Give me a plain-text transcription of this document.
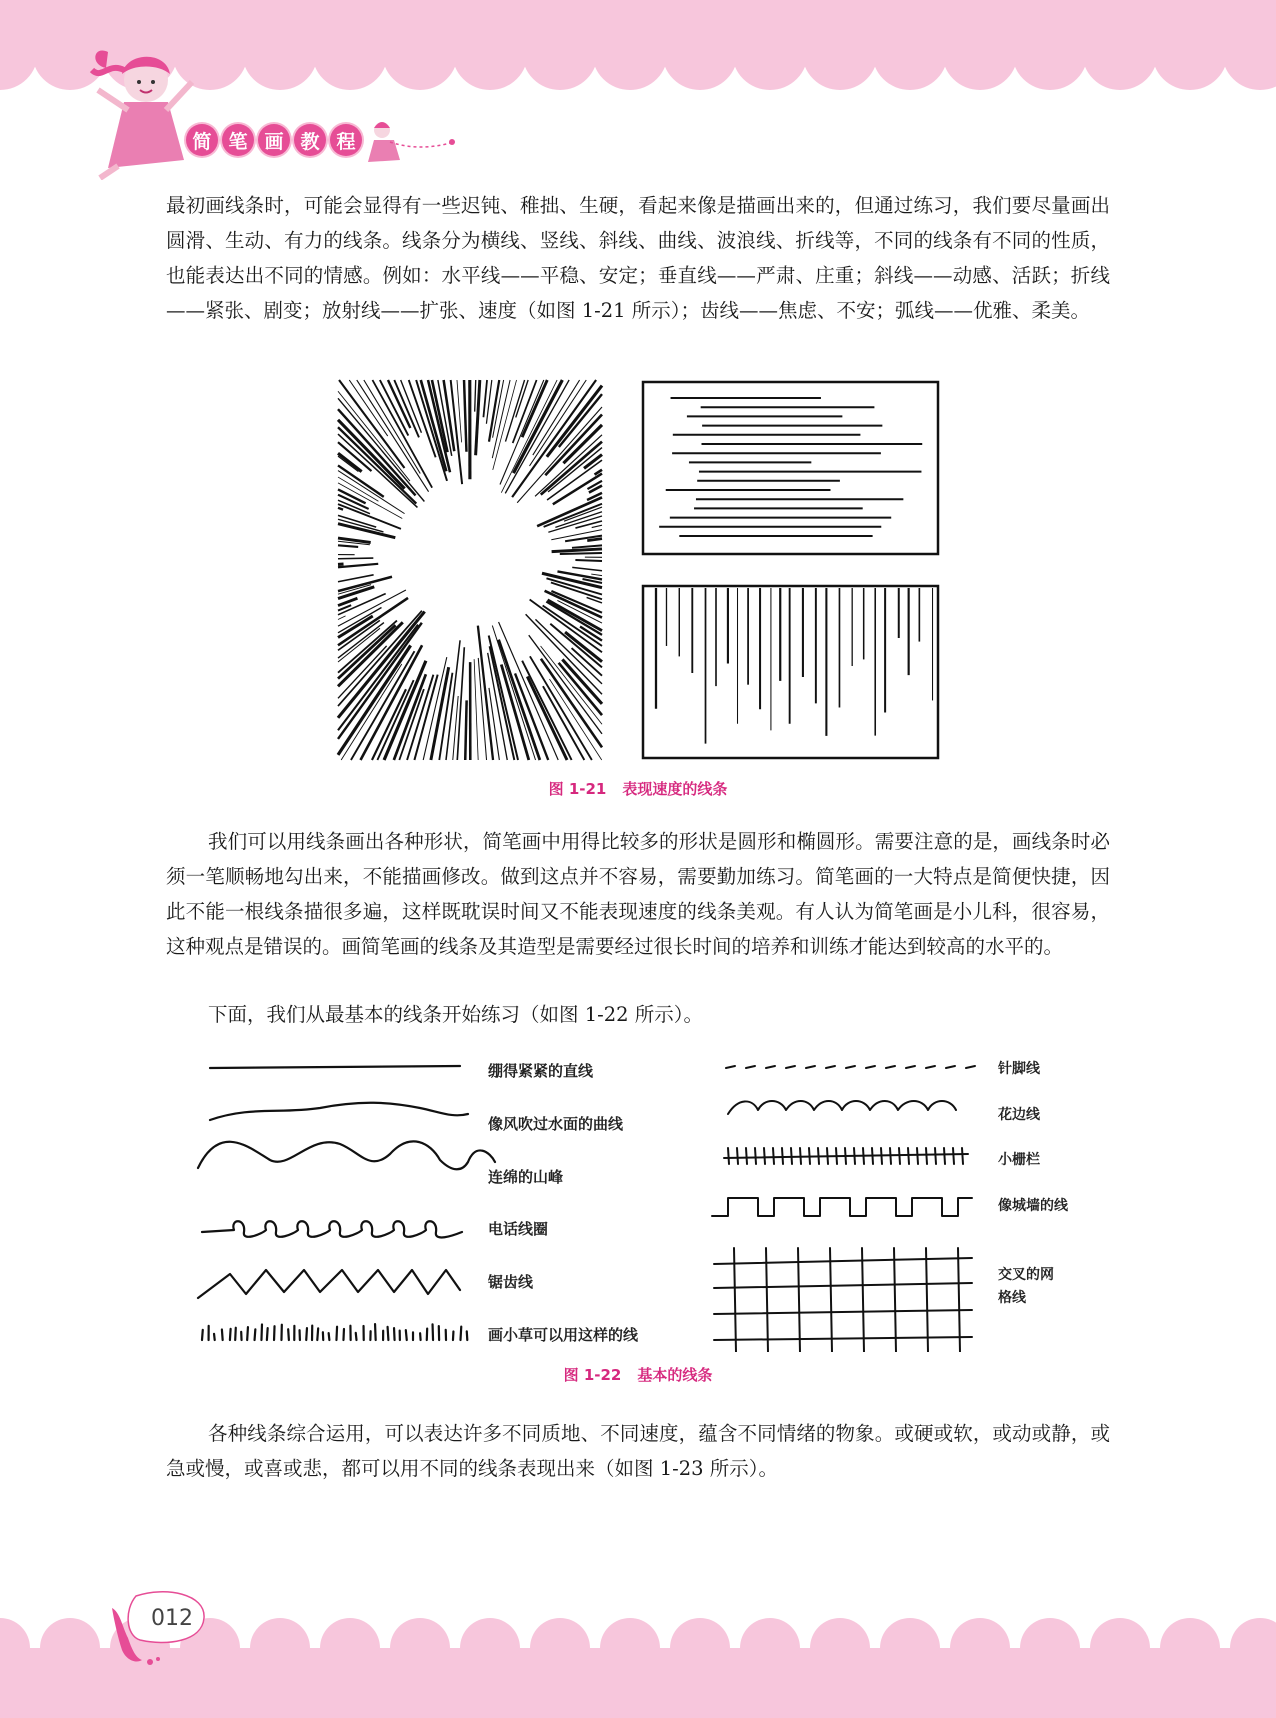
简 笔 画 教 程

最初画线条时，可能会显得有一些迟钝、稚拙、生硬，看起来像是描画出来的，但通过练习，我们要尽量画出圆滑、生动、有力的线条。线条分为横线、竖线、斜线、曲线、波浪线、折线等，不同的线条有不同的性质，也能表达出不同的情感。例如：水平线——平稳、安定；垂直线——严肃、庄重；斜线——动感、活跃；折线——紧张、剧变；放射线——扩张、速度（如图 1-21 所示）；齿线——焦虑、不安；弧线——优雅、柔美。

图 1-21 表现速度的线条

我们可以用线条画出各种形状，简笔画中用得比较多的形状是圆形和椭圆形。需要注意的是，画线条时必须一笔顺畅地勾出来，不能描画修改。做到这点并不容易，需要勤加练习。简笔画的一大特点是简便快捷，因此不能一根线条描很多遍，这样既耽误时间又不能表现速度的线条美观。有人认为简笔画是小儿科，很容易，这种观点是错误的。画简笔画的线条及其造型是需要经过很长时间的培养和训练才能达到较高的水平的。

下面，我们从最基本的线条开始练习（如图 1-22 所示）。

绷得紧紧的直线
像风吹过水面的曲线
连绵的山峰
电话线圈
锯齿线
画小草可以用这样的线
针脚线
花边线
小栅栏
像城墙的线
交叉的网格线
图 1-22 基本的线条

各种线条综合运用，可以表达许多不同质地、不同速度，蕴含不同情绪的物象。或硬或软，或动或静，或急或慢，或喜或悲，都可以用不同的线条表现出来（如图 1-23 所示）。

012
